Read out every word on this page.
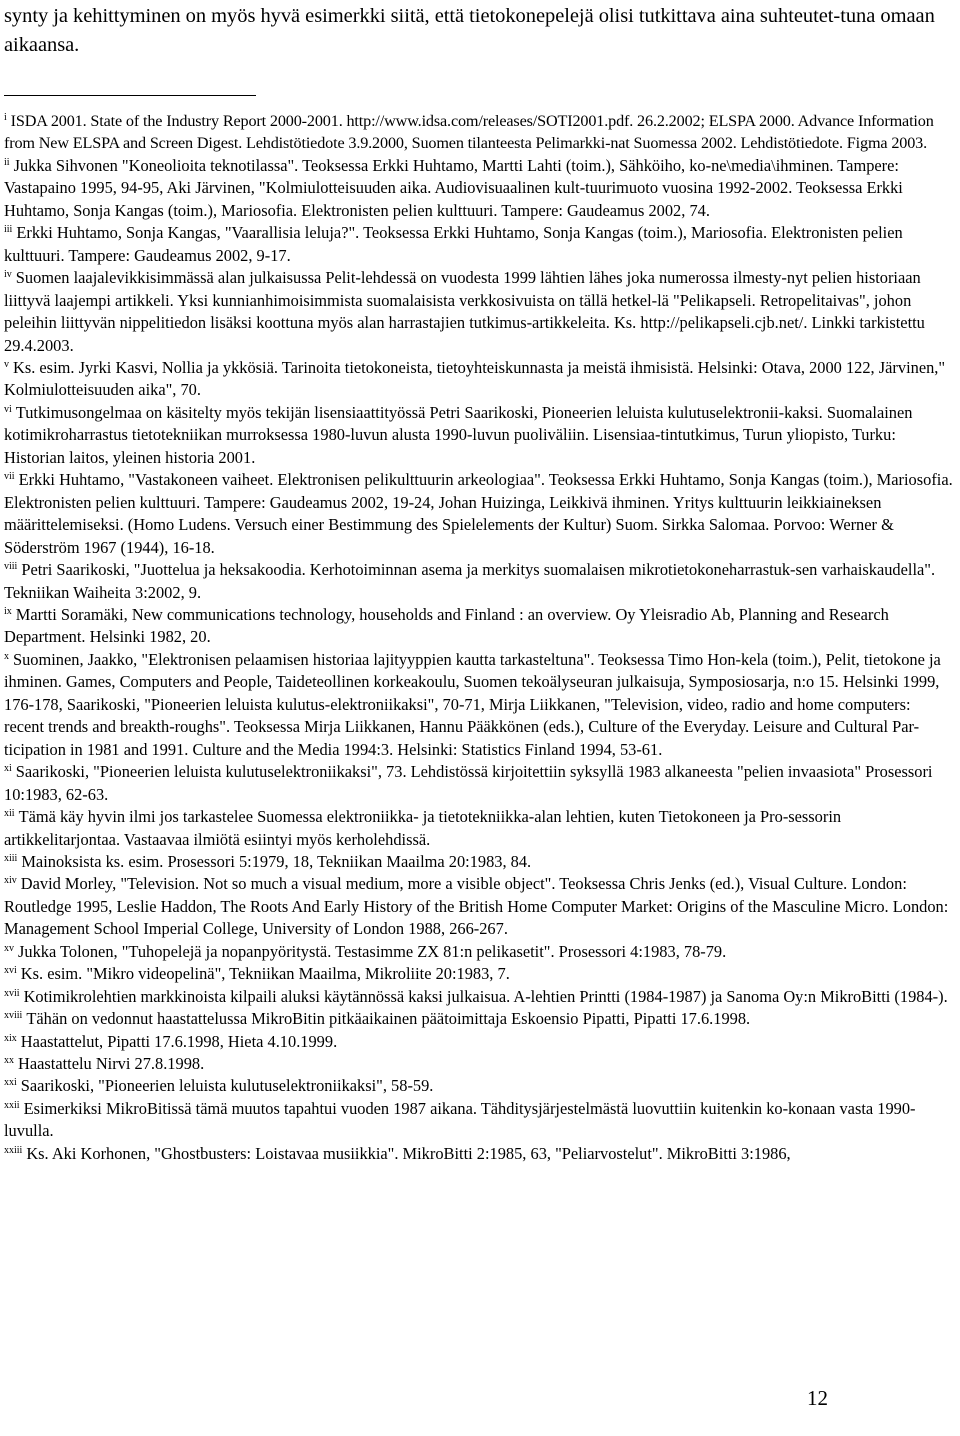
synty ja kehittyminen on myös hyvä esimerkki siitä, että tietokonepelejä olisi tutkittava aina suhteutet-tuna omaan aikaansa.

$^i$ ISDA 2001. State of the Industry Report 2000-2001. http://www.idsa.com/releases/SOTI2001.pdf. 26.2.2002; ELSPA 2000. Advance Information from New ELSPA and Screen Digest. Lehdistötiedote 3.9.2000, Suomen tilanteesta Pelimarkki-nat Suomessa 2002. Lehdistötiedote. Figma 2003.

$^{ii}$ Jukka Sihvonen "Koneolioita teknotilassa". Teoksessa Erkki Huhtamo, Martti Lahti (toim.), Sähköiho, ko-ne\media\ihminen. Tampere: Vastapaino 1995, 94-95, Aki Järvinen, "Kolmiulotteisuuden aika. Audiovisuaalinen kult-tuurimuoto vuosina 1992-2002. Teoksessa Erkki Huhtamo, Sonja Kangas (toim.), Mariosofia. Elektronisten pelien kulttuuri. Tampere: Gaudeamus 2002, 74.

$^{iii}$ Erkki Huhtamo, Sonja Kangas, "Vaarallisia leluja?". Teoksessa Erkki Huhtamo, Sonja Kangas (toim.), Mariosofia. Elektronisten pelien kulttuuri. Tampere: Gaudeamus 2002, 9-17.

$^{iv}$ Suomen laajalevikkisimmässä alan julkaisussa Pelit-lehdessä on vuodesta 1999 lähtien lähes joka numerossa ilmesty-nyt pelien historiaan liittyvä laajempi artikkeli. Yksi kunnianhimoisimmista suomalaisista verkkosivuista on tällä hetkel-lä "Pelikapseli. Retropelitaivas", johon peleihin liittyvän nippelitiedon lisäksi koottuna myös alan harrastajien tutkimus-artikkeleita. Ks. http://pelikapseli.cjb.net/. Linkki tarkistettu 29.4.2003.

$^v$ Ks. esim. Jyrki Kasvi, Nollia ja ykkösiä. Tarinoita tietokoneista, tietoyhteiskunnasta ja meistä ihmisistä. Helsinki: Otava, 2000 122, Järvinen," Kolmiulotteisuuden aika", 70.

$^{vi}$ Tutkimusongelmaa on käsitelty myös tekijän lisensiaattityössä Petri Saarikoski, Pioneerien leluista kulutuselektronii-kaksi. Suomalainen kotimikroharrastus tietotekniikan murroksessa 1980-luvun alusta 1990-luvun puoliväliin. Lisensiaa-tintutkimus, Turun yliopisto, Turku: Historian laitos, yleinen historia 2001.

$^{vii}$ Erkki Huhtamo, "Vastakoneen vaiheet. Elektronisen pelikulttuurin arkeologiaa". Teoksessa Erkki Huhtamo, Sonja Kangas (toim.), Mariosofia. Elektronisten pelien kulttuuri. Tampere: Gaudeamus 2002, 19-24, Johan Huizinga, Leikkivä ihminen. Yritys kulttuurin leikkiaineksen määrittelemiseksi. (Homo Ludens. Versuch einer Bestimmung des Spielelements der Kultur) Suom. Sirkka Salomaa. Porvoo: Werner & Söderström 1967 (1944), 16-18.

$^{viii}$ Petri Saarikoski, "Juottelua ja heksakoodia. Kerhotoiminnan asema ja merkitys suomalaisen mikrotietokoneharrastuk-sen varhaiskaudella". Tekniikan Waiheita 3:2002, 9.

$^{ix}$ Martti Soramäki, New communications technology, households and Finland : an overview. Oy Yleisradio Ab, Planning and Research Department. Helsinki 1982, 20.

$^x$ Suominen, Jaakko, "Elektronisen pelaamisen historiaa lajityyppien kautta tarkasteltuna". Teoksessa Timo Hon-kela (toim.), Pelit, tietokone ja ihminen. Games, Computers and People, Taideteollinen korkeakoulu, Suomen tekoälyseuran julkaisuja, Symposiosarja, n:o 15. Helsinki 1999, 176-178, Saarikoski, "Pioneerien leluista kulutus-elektroniikaksi", 70-71, Mirja Liikkanen, "Television, video, radio and home computers: recent trends and breakth-roughs". Teoksessa Mirja Liikkanen, Hannu Pääkkönen (eds.), Culture of the Everyday. Leisure and Cultural Par-ticipation in 1981 and 1991. Culture and the Media 1994:3. Helsinki: Statistics Finland 1994, 53-61.

$^{xi}$ Saarikoski, "Pioneerien leluista kulutuselektroniikaksi", 73. Lehdistössä kirjoitettiin syksyllä 1983 alkaneesta "pelien invaasiota" Prosessori 10:1983, 62-63.

$^{xii}$ Tämä käy hyvin ilmi jos tarkastelee Suomessa elektroniikka- ja tietotekniikka-alan lehtien, kuten Tietokoneen ja Pro-sessorin artikkelitarjontaa. Vastaavaa ilmiötä esiintyi myös kerholehdissä.

$^{xiii}$ Mainoksista ks. esim. Prosessori 5:1979, 18, Tekniikan Maailma 20:1983, 84.

$^{xiv}$ David Morley, "Television. Not so much a visual medium, more a visible object". Teoksessa Chris Jenks (ed.), Visual Culture. London: Routledge 1995, Leslie Haddon, The Roots And Early History of the British Home Computer Market: Origins of the Masculine Micro. London: Management School Imperial College, University of London 1988, 266-267.

$^{xv}$ Jukka Tolonen, "Tuhopelejä ja nopanpyöritystä. Testasimme ZX 81:n pelikasetit". Prosessori 4:1983, 78-79.

$^{xvi}$ Ks. esim. "Mikro videopelinä", Tekniikan Maailma, Mikroliite 20:1983, 7.

$^{xvii}$ Kotimikrolehtien markkinoista kilpaili aluksi käytännössä kaksi julkaisua. A-lehtien Printti (1984-1987) ja Sanoma Oy:n MikroBitti (1984-).

$^{xviii}$ Tähän on vedonnut haastattelussa MikroBitin pitkäaikainen päätoimittaja Eskoensio Pipatti, Pipatti 17.6.1998.

$^{xix}$ Haastattelut, Pipatti 17.6.1998, Hieta 4.10.1999.

$^{xx}$ Haastattelu Nirvi 27.8.1998.

$^{xxi}$ Saarikoski, "Pioneerien leluista kulutuselektroniikaksi", 58-59.

$^{xxii}$ Esimerkiksi MikroBitissä tämä muutos tapahtui vuoden 1987 aikana. Tähditysjärjestelmästä luovuttiin kuitenkin ko-konaan vasta 1990-luvulla.

$^{xxiii}$ Ks. Aki Korhonen, "Ghostbusters: Loistavaa musiikkia". MikroBitti 2:1985, 63, "Peliarvostelut". MikroBitti 3:1986,

12
